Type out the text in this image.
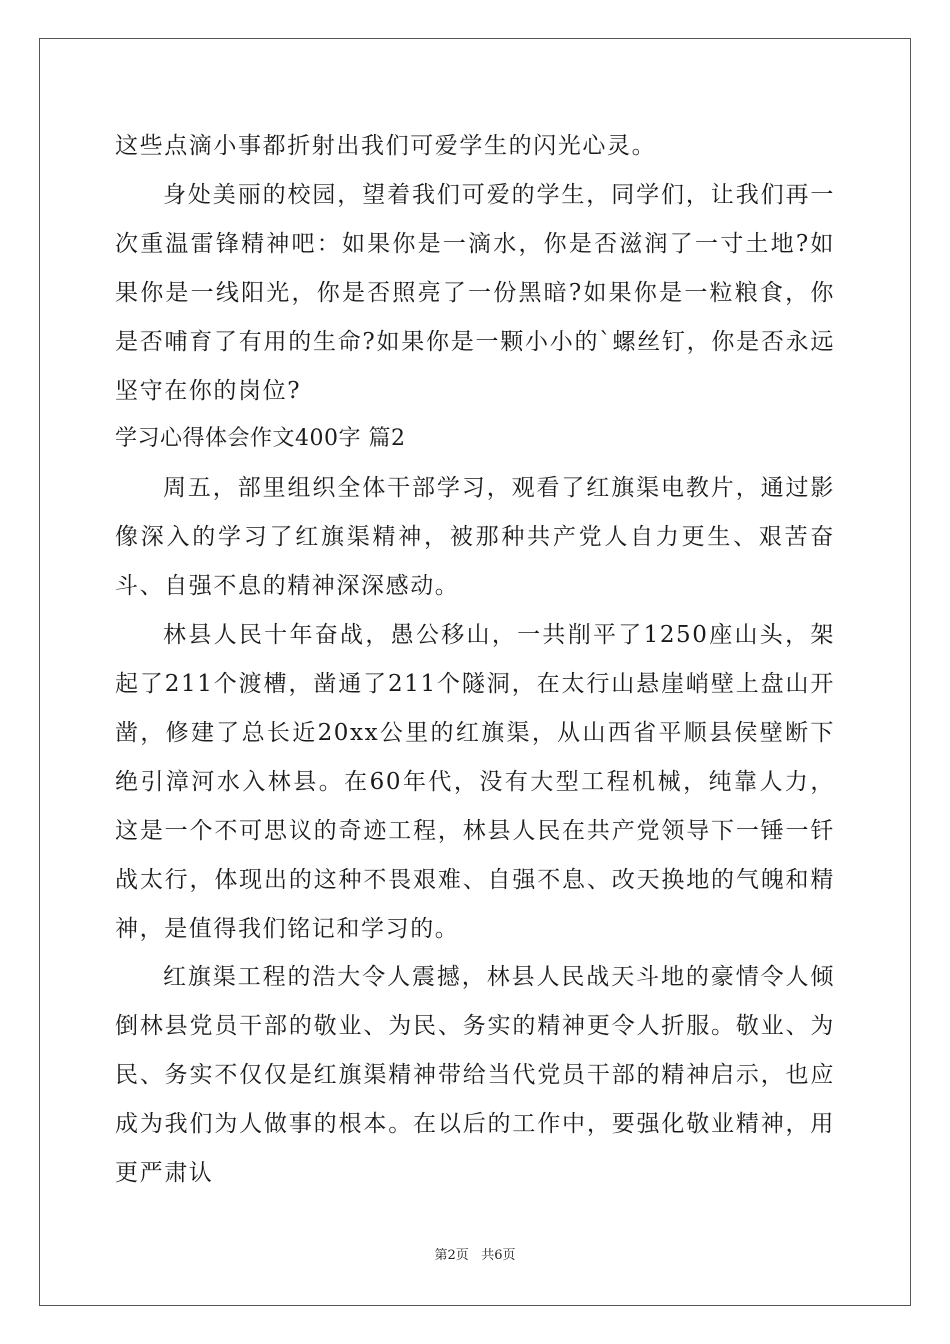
这些点滴小事都折射出我们可爱学生的闪光心灵。

身处美丽的校园，望着我们可爱的学生，同学们，让我们再一次重温雷锋精神吧：如果你是一滴水，你是否滋润了一寸土地?如果你是一线阳光，你是否照亮了一份黑暗?如果你是一粒粮食，你是否哺育了有用的生命?如果你是一颗小小的`螺丝钉，你是否永远坚守在你的岗位?

学习心得体会作文400字 篇2

周五，部里组织全体干部学习，观看了红旗渠电教片，通过影像深入的学习了红旗渠精神，被那种共产党人自力更生、艰苦奋斗、自强不息的精神深深感动。

林县人民十年奋战，愚公移山，一共削平了1250座山头，架起了211个渡槽，凿通了211个隧洞，在太行山悬崖峭壁上盘山开凿，修建了总长近20xx公里的红旗渠，从山西省平顺县侯壁断下绝引漳河水入林县。在60年代，没有大型工程机械，纯靠人力，这是一个不可思议的奇迹工程，林县人民在共产党领导下一锤一钎战太行，体现出的这种不畏艰难、自强不息、改天换地的气魄和精神，是值得我们铭记和学习的。

红旗渠工程的浩大令人震撼，林县人民战天斗地的豪情令人倾倒林县党员干部的敬业、为民、务实的精神更令人折服。敬业、为民、务实不仅仅是红旗渠精神带给当代党员干部的精神启示，也应成为我们为人做事的根本。在以后的工作中，要强化敬业精神，用更严肃认

第2页 共6页
